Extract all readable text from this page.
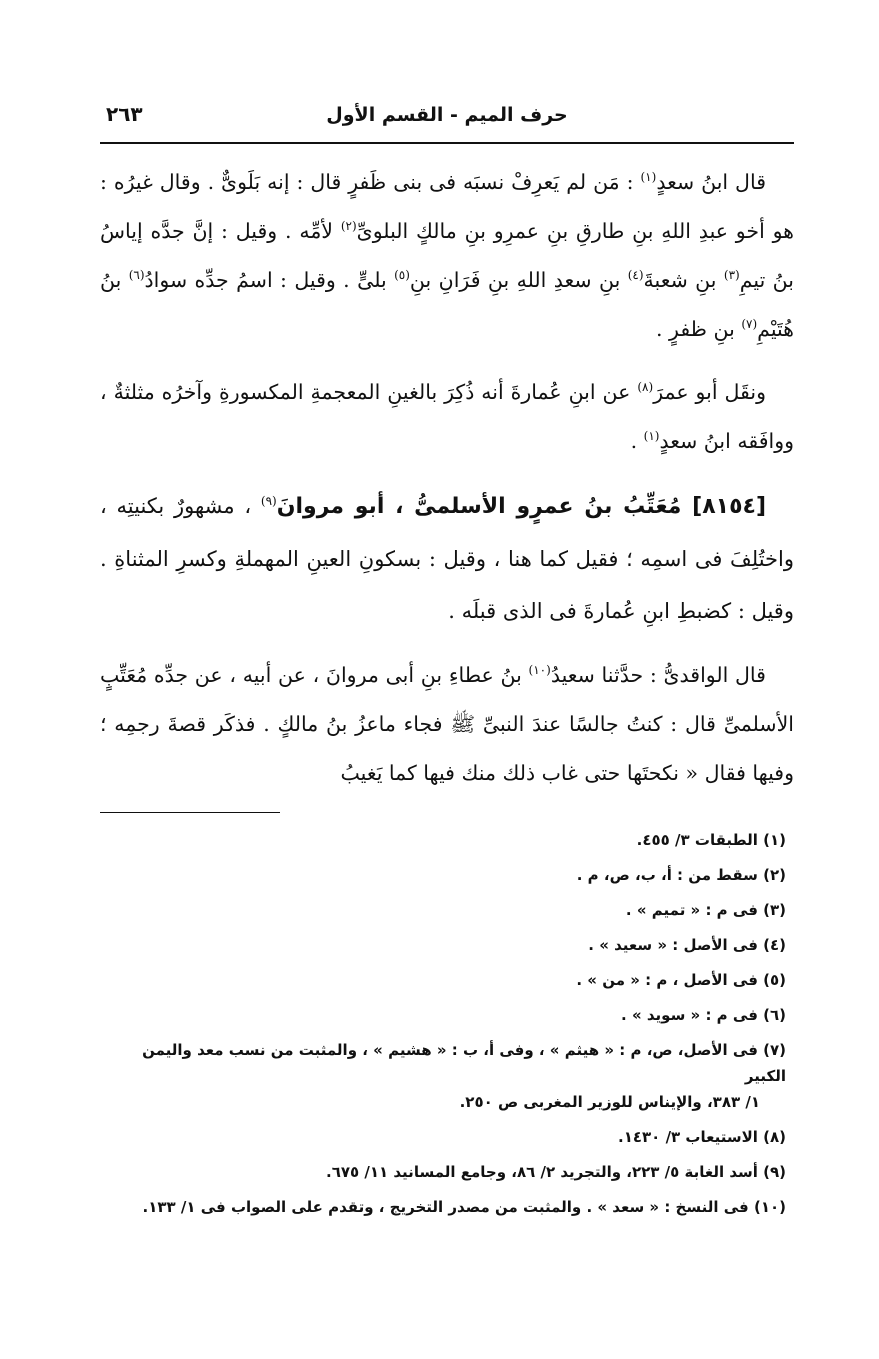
حرف الميم - القسم الأول
٢٦٣

قال ابنُ سعدٍ$^{(١)}$ : مَن لم يَعرِفْ نسبَه فى بنى ظَفرٍ قال : إنه بَلَوىٌّ . وقال غيرُه : هو أخو عبدِ اللهِ بنِ طارقِ بنِ عمرِو بنِ مالكٍ البلوىِّ$^{(٢)}$ لأمِّه . وقيل : إنَّ جدَّه إياسُ بنُ تيمِ$^{(٣)}$ بنِ شعبةَ$^{(٤)}$ بنِ سعدِ اللهِ بنِ فَرَانِ بنِ$^{(٥)}$ بلىٍّ . وقيل : اسمُ جدِّه سوادُ$^{(٦)}$ بنُ هُتَيْمِ$^{(٧)}$ بنِ ظفرٍ .

ونقَل أبو عمرَ$^{(٨)}$ عن ابنِ عُمارةَ أنه ذُكِرَ بالغينِ المعجمةِ المكسورةِ وآخرُه مثلثةٌ ، ووافَقه ابنُ سعدٍ$^{(١)}$ .

[٨١٥٤] مُعَتِّبُ بنُ عمرٍو الأسلمىُّ ، أبو مروانَ$^{(٩)}$ ، مشهورٌ بكنيتِه ، واختُلِفَ فى اسمِه ؛ فقيل كما هنا ، وقيل : بسكونِ العينِ المهملةِ وكسرِ المثناةِ . وقيل : كضبطِ ابنِ عُمارةَ فى الذى قبلَه .

قال الواقدىُّ : حدَّثنا سعيدُ$^{(١٠)}$ بنُ عطاءِ بنِ أبى مروانَ ، عن أبيه ، عن جدِّه مُعَتِّبٍ الأسلمىِّ قال : كنتُ جالسًا عندَ النبىِّ ﷺ فجاء ماعزُ بنُ مالكٍ . فذكَر قصةَ رجمِه ؛ وفيها فقال « نكحتَها حتى غاب ذلك منك فيها كما يَغيبُ

(١) الطبقات ٣/ ٤٥٥.
(٢) سقط من : أ، ب، ص، م .
(٣) فى م : « تميم » .
(٤) فى الأصل : « سعيد » .
(٥) فى الأصل ، م : « من » .
(٦) فى م : « سويد » .
(٧) فى الأصل، ص، م : « هيثم » ، وفى أ، ب : « هشيم » ، والمثبت من نسب معد واليمن الكبير
١/ ٣٨٣، والإيناس للوزير المغربى ص ٢٥٠.
(٨) الاستيعاب ٣/ ١٤٣٠.
(٩) أسد الغابة ٥/ ٢٢٣، والتجريد ٢/ ٨٦، وجامع المسانيد ١١/ ٦٧٥.
(١٠) فى النسخ : « سعد » . والمثبت من مصدر التخريج ، وتقدم على الصواب فى ١/ ١٣٣.
